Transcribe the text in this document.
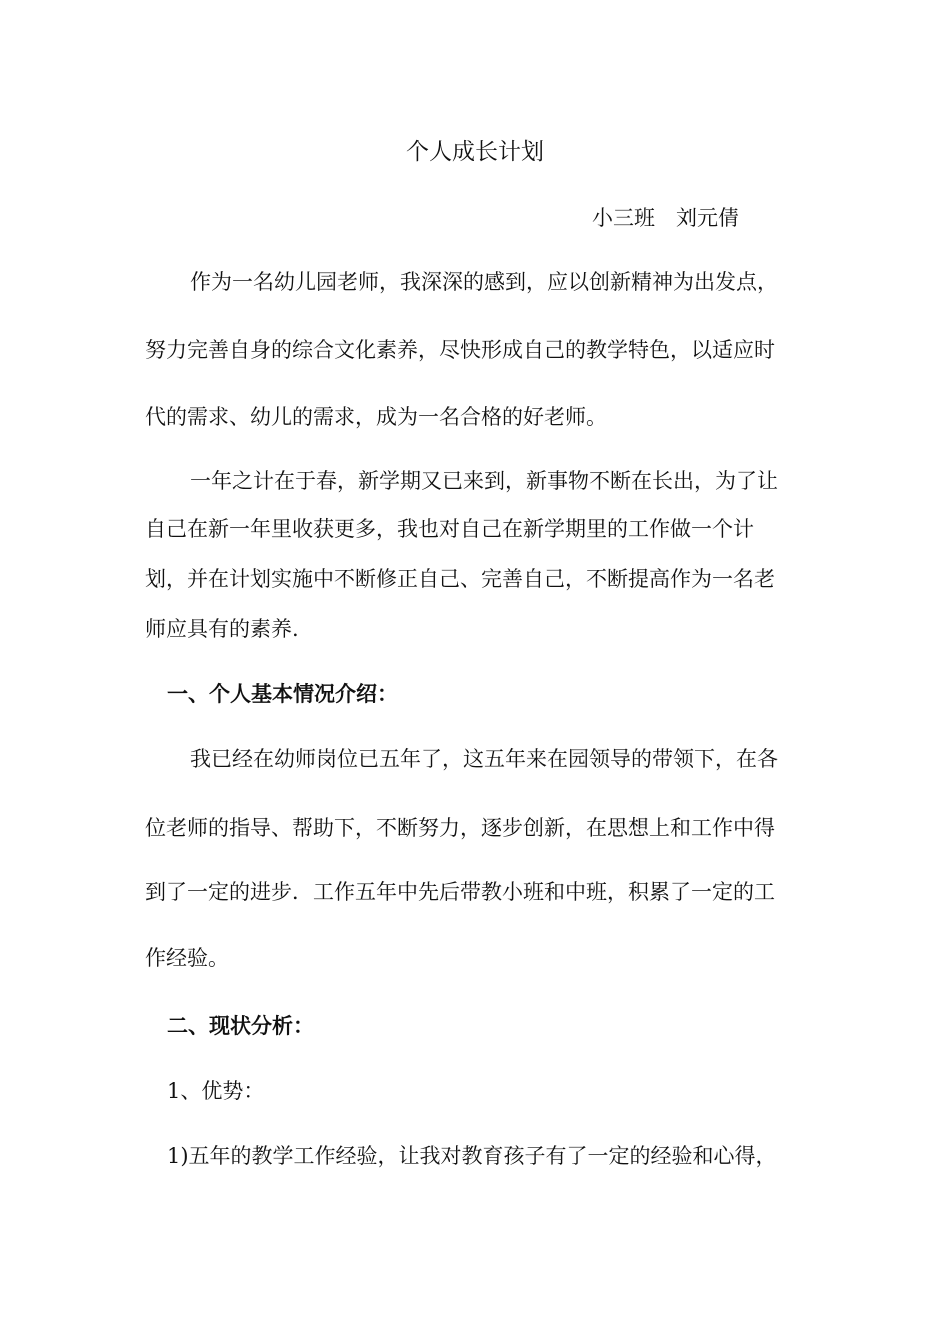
个人成长计划
小三班　刘元倩
作为一名幼儿园老师，我深深的感到，应以创新精神为出发点，
努力完善自身的综合文化素养，尽快形成自己的教学特色，以适应时
代的需求、幼儿的需求，成为一名合格的好老师。
一年之计在于春，新学期又已来到，新事物不断在长出，为了让
自己在新一年里收获更多，我也对自己在新学期里的工作做一个计
划，并在计划实施中不断修正自己、完善自己，不断提高作为一名老
师应具有的素养.
一、个人基本情况介绍：
我已经在幼师岗位已五年了，这五年来在园领导的带领下，在各
位老师的指导、帮助下，不断努力，逐步创新，在思想上和工作中得
到了一定的进步．工作五年中先后带教小班和中班，积累了一定的工
作经验。
二、现状分析：
1、优势：
1)五年的教学工作经验，让我对教育孩子有了一定的经验和心得，
